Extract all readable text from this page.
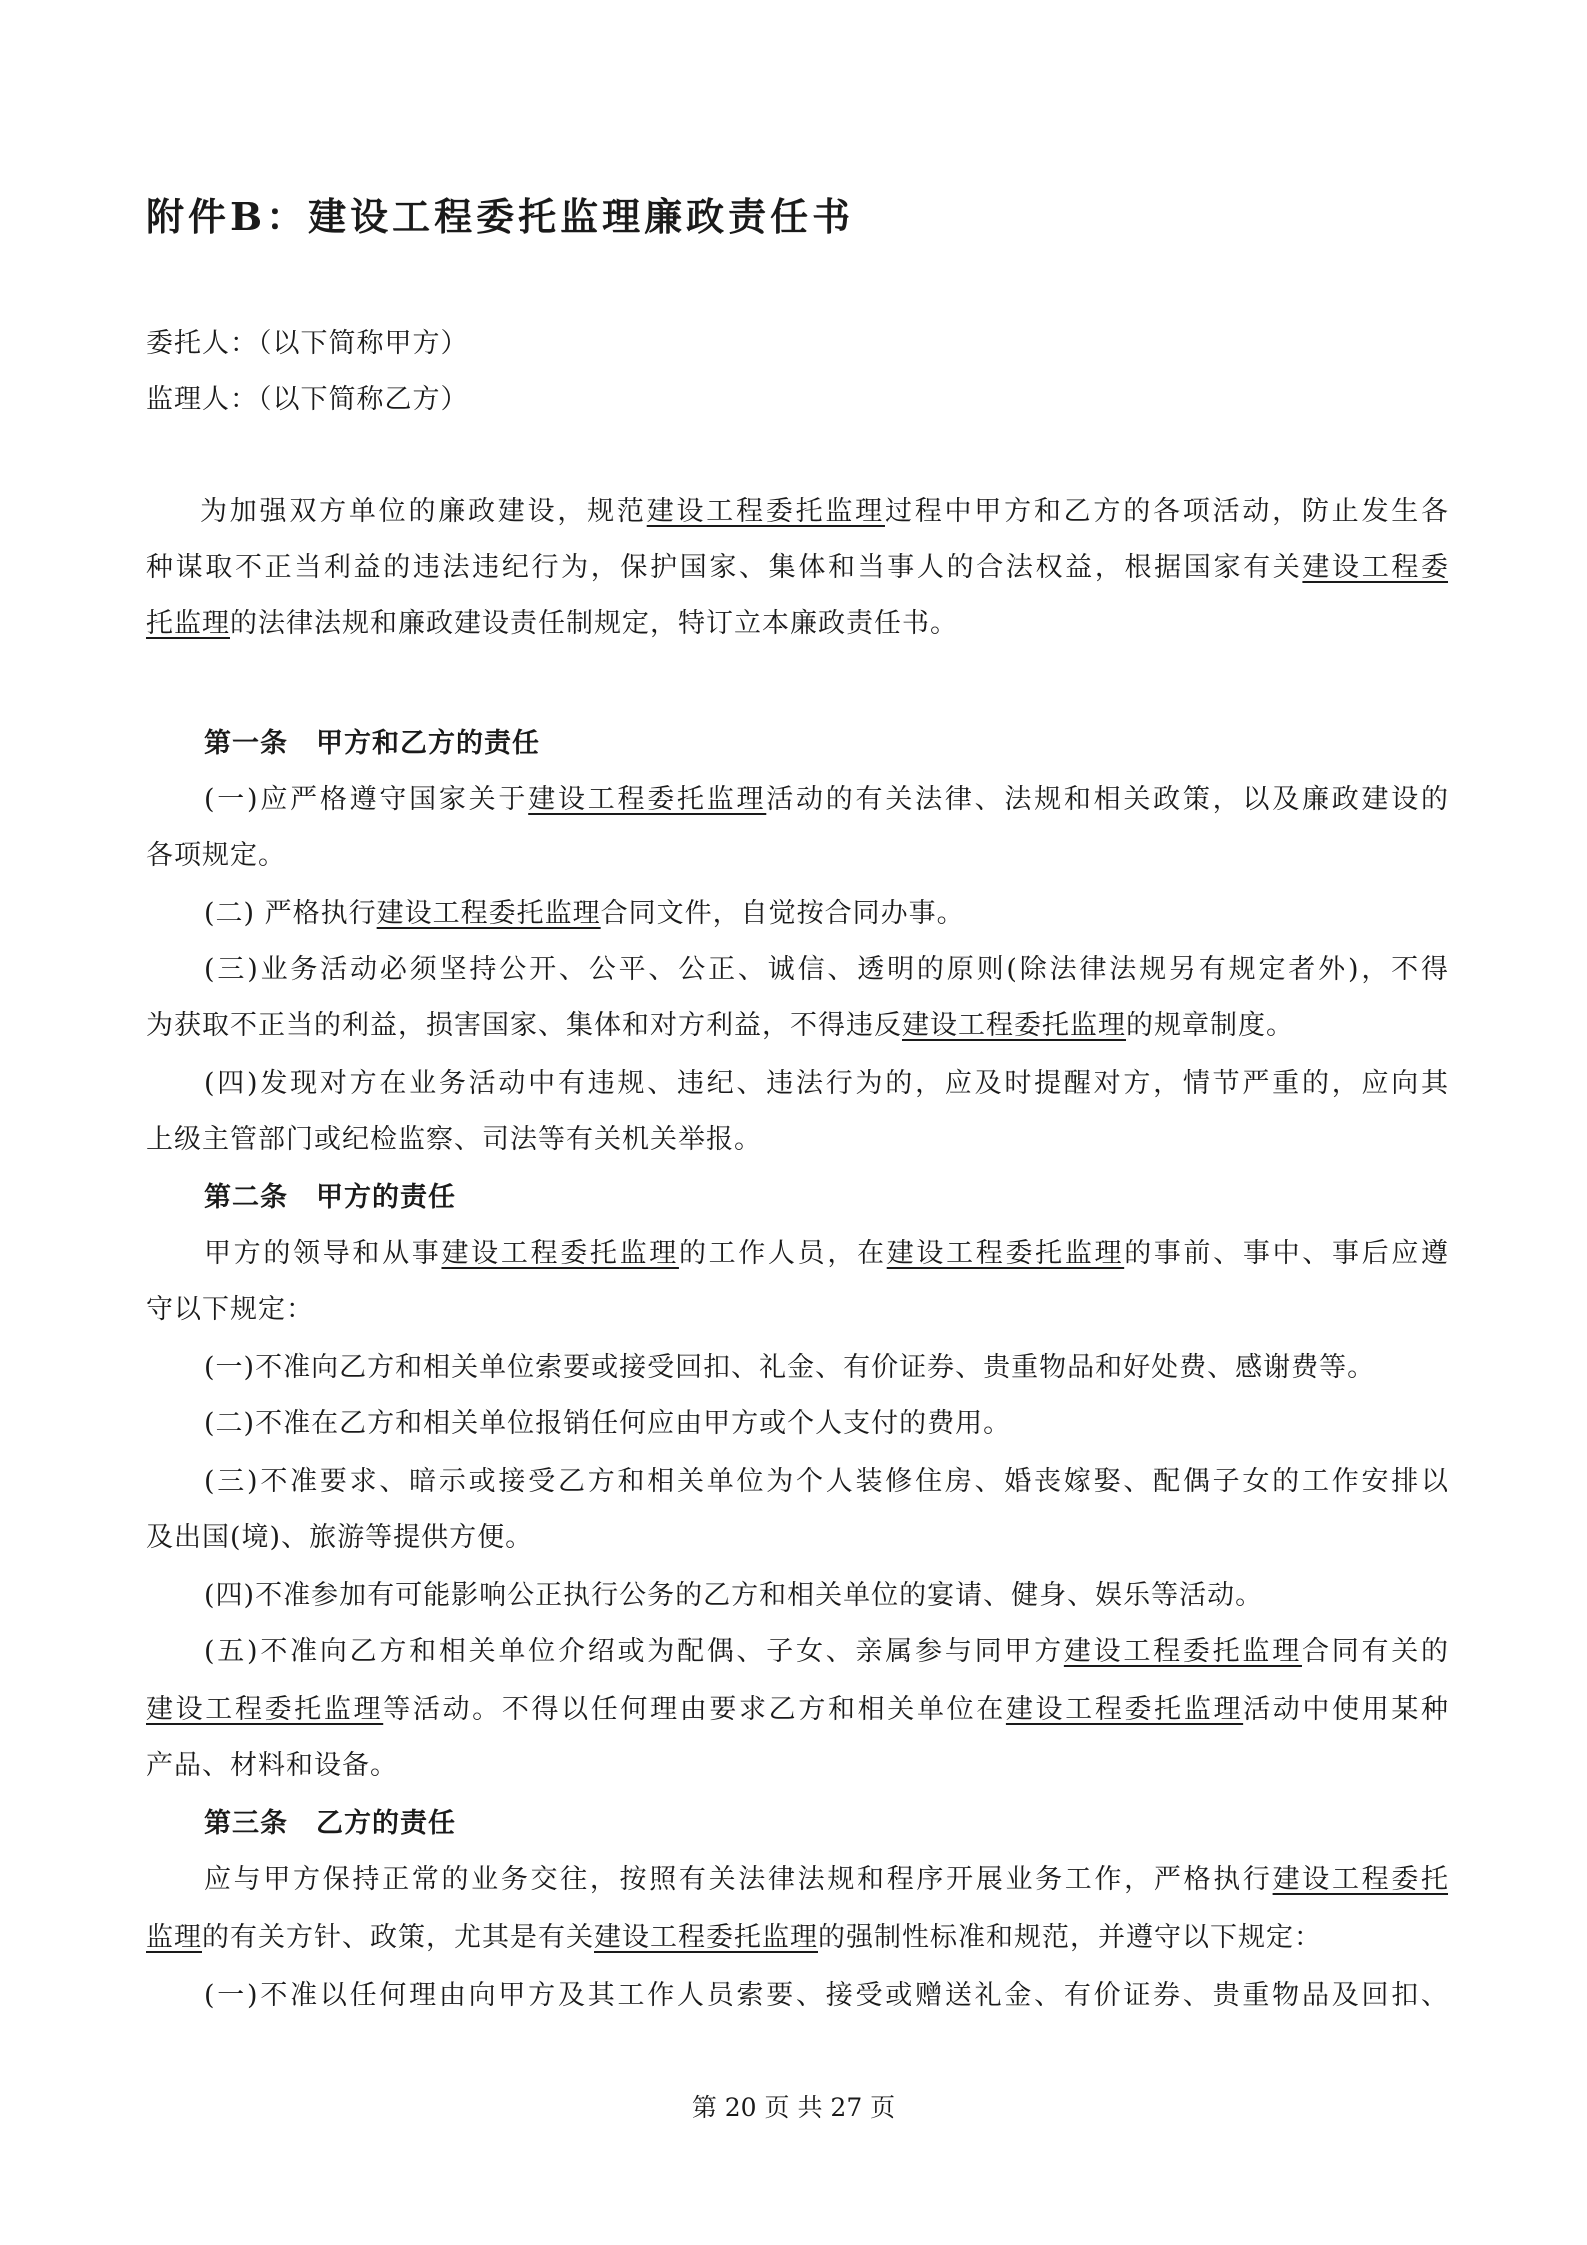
附件B：建设工程委托监理廉政责任书
委托人：（以下简称甲方）
监理人：（以下简称乙方）
为加强双方单位的廉政建设，规范建设工程委托监理过程中甲方和乙方的各项活动，防止发生各
种谋取不正当利益的违法违纪行为，保护国家、集体和当事人的合法权益，根据国家有关建设工程委
托监理的法律法规和廉政建设责任制规定，特订立本廉政责任书。
第一条　甲方和乙方的责任
(一)应严格遵守国家关于建设工程委托监理活动的有关法律、法规和相关政策，以及廉政建设的
各项规定。
(二) 严格执行建设工程委托监理合同文件，自觉按合同办事。
(三)业务活动必须坚持公开、公平、公正、诚信、透明的原则(除法律法规另有规定者外)，不得
为获取不正当的利益，损害国家、集体和对方利益，不得违反建设工程委托监理的规章制度。
(四)发现对方在业务活动中有违规、违纪、违法行为的，应及时提醒对方，情节严重的，应向其
上级主管部门或纪检监察、司法等有关机关举报。
第二条　甲方的责任
甲方的领导和从事建设工程委托监理的工作人员，在建设工程委托监理的事前、事中、事后应遵
守以下规定：
(一)不准向乙方和相关单位索要或接受回扣、礼金、有价证券、贵重物品和好处费、感谢费等。
(二)不准在乙方和相关单位报销任何应由甲方或个人支付的费用。
(三)不准要求、暗示或接受乙方和相关单位为个人装修住房、婚丧嫁娶、配偶子女的工作安排以
及出国(境)、旅游等提供方便。
(四)不准参加有可能影响公正执行公务的乙方和相关单位的宴请、健身、娱乐等活动。
(五)不准向乙方和相关单位介绍或为配偶、子女、亲属参与同甲方建设工程委托监理合同有关的
建设工程委托监理等活动。不得以任何理由要求乙方和相关单位在建设工程委托监理活动中使用某种
产品、材料和设备。
第三条　乙方的责任
应与甲方保持正常的业务交往，按照有关法律法规和程序开展业务工作，严格执行建设工程委托
监理的有关方针、政策，尤其是有关建设工程委托监理的强制性标准和规范，并遵守以下规定：
(一)不准以任何理由向甲方及其工作人员索要、接受或赠送礼金、有价证券、贵重物品及回扣、
第 20 页 共 27 页
